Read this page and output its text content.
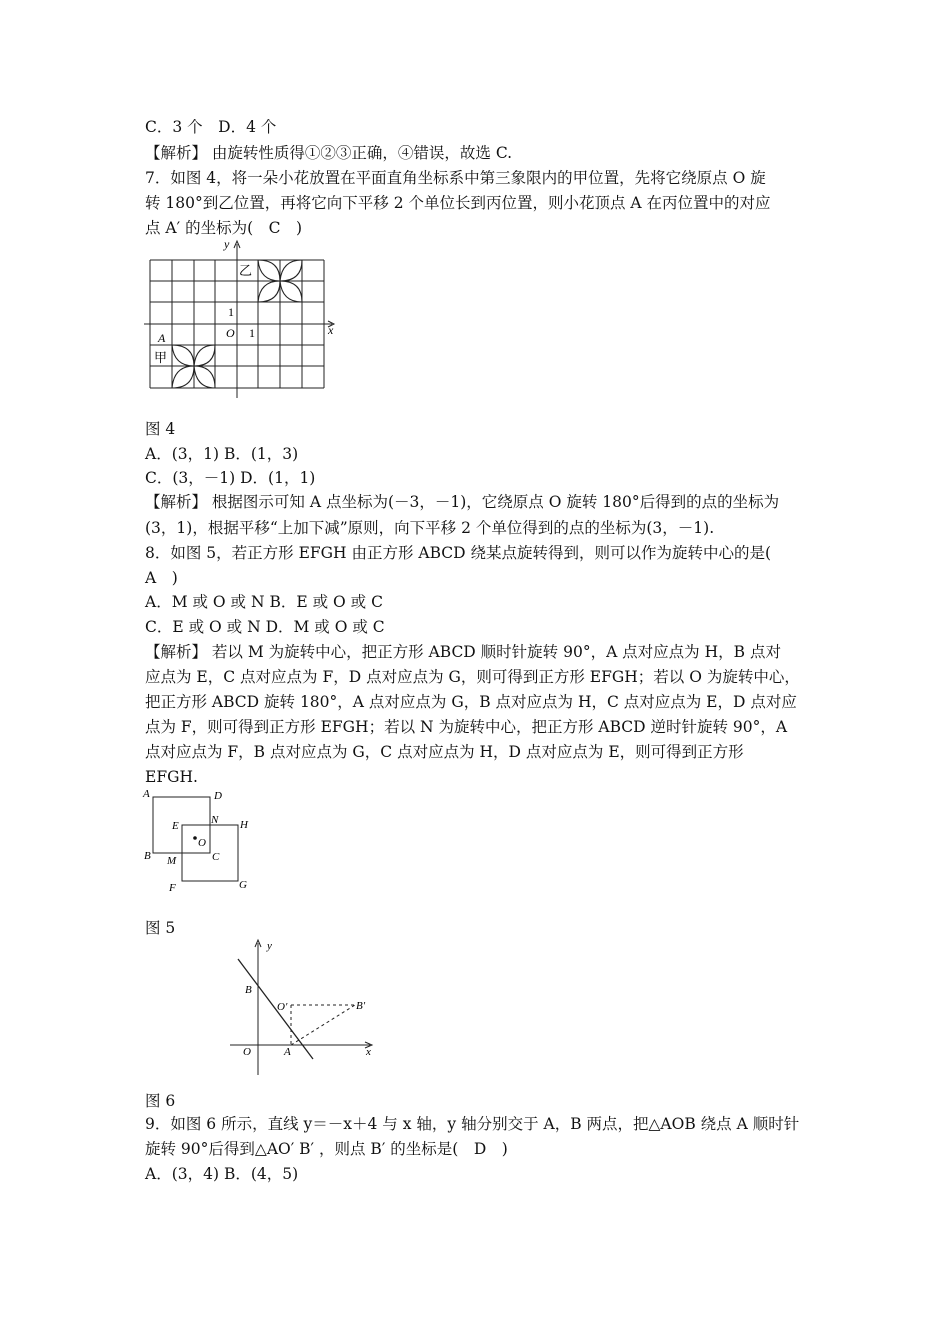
C．3 个　D．4 个
【解析】 由旋转性质得①②③正确，④错误，故选 C.
7．如图 4，将一朵小花放置在平面直角坐标系中第三象限内的甲位置，先将它绕原点 O 旋
转 180°到乙位置，再将它向下平移 2 个单位长到丙位置，则小花顶点 A 在丙位置中的对应
点 A′ 的坐标为(　C　)
y
x
乙
甲
A
1
O 1
图 4
A．(3，1) B．(1，3)
C．(3，－1) D．(1，1)
【解析】 根据图示可知 A 点坐标为(－3，－1)，它绕原点 O 旋转 180°后得到的点的坐标为
(3，1)，根据平移“上加下减”原则，向下平移 2 个单位得到的点的坐标为(3，－1).
8．如图 5，若正方形 EFGH 由正方形 ABCD 绕某点旋转得到，则可以作为旋转中心的是(
A　)
A．M 或 O 或 N B．E 或 O 或 C
C．E 或 O 或 N D．M 或 O 或 C
【解析】 若以 M 为旋转中心，把正方形 ABCD 顺时针旋转 90°，A 点对应点为 H，B 点对
应点为 E，C 点对应点为 F，D 点对应点为 G，则可得到正方形 EFGH；若以 O 为旋转中心，
把正方形 ABCD 旋转 180°，A 点对应点为 G，B 点对应点为 H，C 点对应点为 E，D 点对应
点为 F，则可得到正方形 EFGH；若以 N 为旋转中心，把正方形 ABCD 逆时针旋转 90°，A
点对应点为 F，B 点对应点为 G，C 点对应点为 H，D 点对应点为 E，则可得到正方形
EFGH.
A	D
E	N H
O
C
B M
F	G
图 5
y
B
O′	B′
O	A	x
图 6
9．如图 6 所示，直线 y＝－x＋4 与 x 轴，y 轴分别交于 A，B 两点，把△AOB 绕点 A 顺时针
旋转 90°后得到△AO′ B′ ，则点 B′ 的坐标是(　D　)
A．(3，4) B．(4，5)
